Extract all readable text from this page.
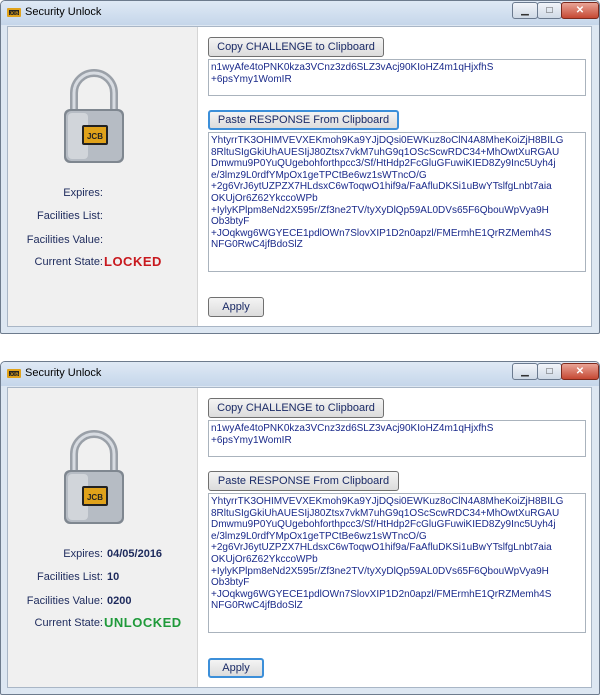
JCB Security Unlock	▁	□	✕
JCB
Expires:
Facilities List:
Facilities Value:
Current State: LOCKED
Copy CHALLENGE to Clipboard
n1wyAfe4toPNK0kza3VCnz3zd6SLZ3vAcj90KIoHZ4m1qHjxfhS
+6psYmy1WomIR
Paste RESPONSE From Clipboard
YhtyrrTK3OHIMVEVXEKmoh9Ka9YJjDQsi0EWKuz8oClN4A8MheKoiZjH8BILG
8RltuSIgGkiUhAUESIjJ80Ztsx7vkM7uhG9q1OScScwRDC34+MhOwtXuRGAU
Dmwmu9P0YuQUgebohforthpcc3/Sf/HtHdp2FcGluGFuwiKIED8Zy9Inc5Uyh4j
e/3lmz9L0rdfYMpOx1geTPCtBe6wz1sWTncO/G
+2g6VrJ6ytUZPZX7HLdsxC6wToqwO1hif9a/FaAfluDKSi1uBwYTslfgLnbt7aia
OKUjOr6Z62YkccoWPb
+IylyKPlpm8eNd2X595r/Zf3ne2TV/tyXyDlQp59AL0DVs65F6QbouWpVya9H
Ob3btyF
+JOqkwg6WGYECE1pdlOWn7SlovXIP1D2n0apzl/FMErmhE1QrRZMemh4S
NFG0RwC4jfBdoSlZ
Apply
JCB Security Unlock	▁	□	✕
JCB
Expires: 04/05/2016
Facilities List: 10
Facilities Value: 0200
Current State: UNLOCKED
Copy CHALLENGE to Clipboard
n1wyAfe4toPNK0kza3VCnz3zd6SLZ3vAcj90KIoHZ4m1qHjxfhS
+6psYmy1WomIR
Paste RESPONSE From Clipboard
YhtyrrTK3OHIMVEVXEKmoh9Ka9YJjDQsi0EWKuz8oClN4A8MheKoiZjH8BILG
8RltuSIgGkiUhAUESIjJ80Ztsx7vkM7uhG9q1OScScwRDC34+MhOwtXuRGAU
Dmwmu9P0YuQUgebohforthpcc3/Sf/HtHdp2FcGluGFuwiKIED8Zy9Inc5Uyh4j
e/3lmz9L0rdfYMpOx1geTPCtBe6wz1sWTncO/G
+2g6VrJ6ytUZPZX7HLdsxC6wToqwO1hif9a/FaAfluDKSi1uBwYTslfgLnbt7aia
OKUjOr6Z62YkccoWPb
+IylyKPlpm8eNd2X595r/Zf3ne2TV/tyXyDlQp59AL0DVs65F6QbouWpVya9H
Ob3btyF
+JOqkwg6WGYECE1pdlOWn7SlovXIP1D2n0apzl/FMErmhE1QrRZMemh4S
NFG0RwC4jfBdoSlZ
Apply
